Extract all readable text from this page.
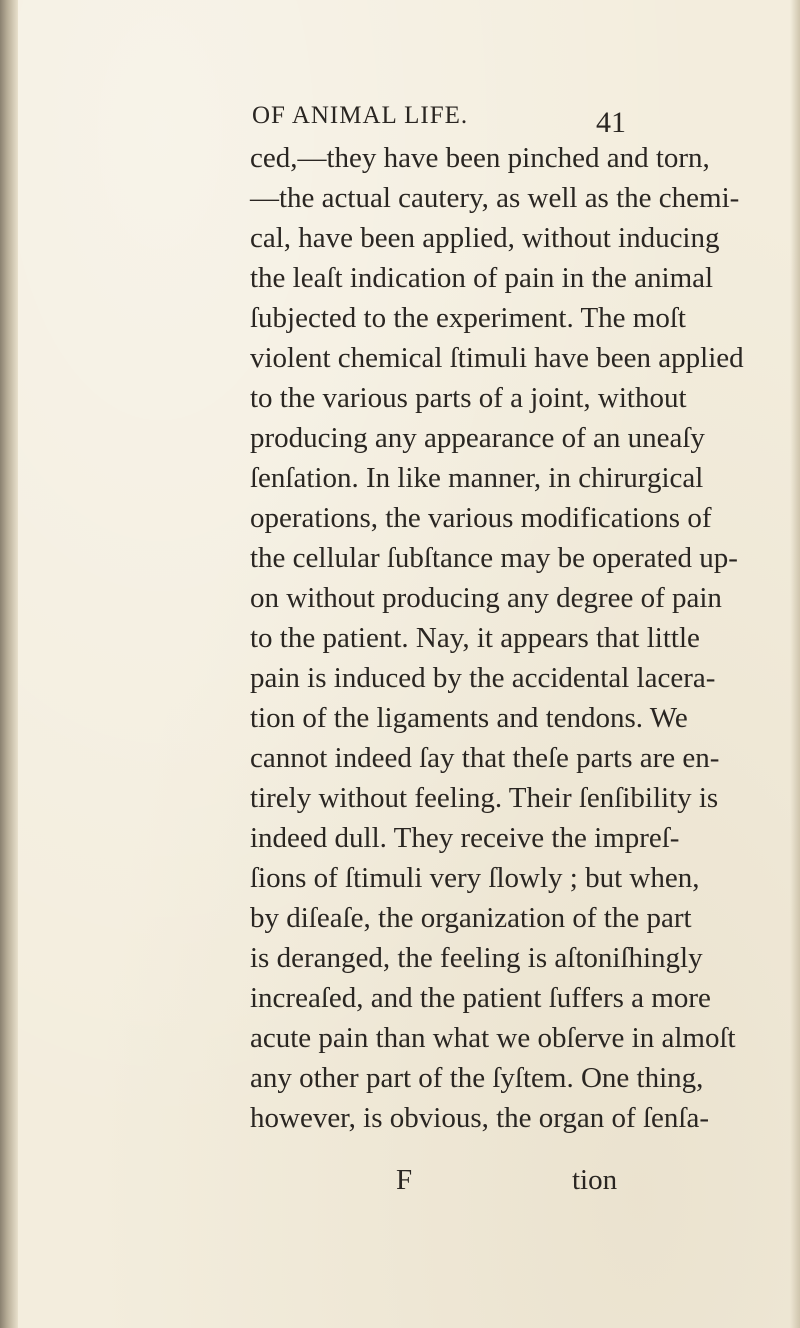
OF ANIMAL LIFE.	41
ced,—they have been pinched and torn,
—the actual cautery, as well as the chemi-
cal, have been applied, without inducing
the leaſt indication of pain in the animal
ſubjected to the experiment. The moſt
violent chemical ſtimuli have been applied
to the various parts of a joint, without
producing any appearance of an uneaſy
ſenſation. In like manner, in chirurgical
operations, the various modifications of
the cellular ſubſtance may be operated up-
on without producing any degree of pain
to the patient. Nay, it appears that little
pain is induced by the accidental lacera-
tion of the ligaments and tendons. We
cannot indeed ſay that theſe parts are en-
tirely without feeling. Their ſenſibility is
indeed dull. They receive the impreſ-
ſions of ſtimuli very ſlowly ; but when,
by diſeaſe, the organization of the part
is deranged, the feeling is aſtoniſhingly
increaſed, and the patient ſuffers a more
acute pain than what we obſerve in almoſt
any other part of the ſyſtem. One thing,
however, is obvious, the organ of ſenſa-
F	tion
